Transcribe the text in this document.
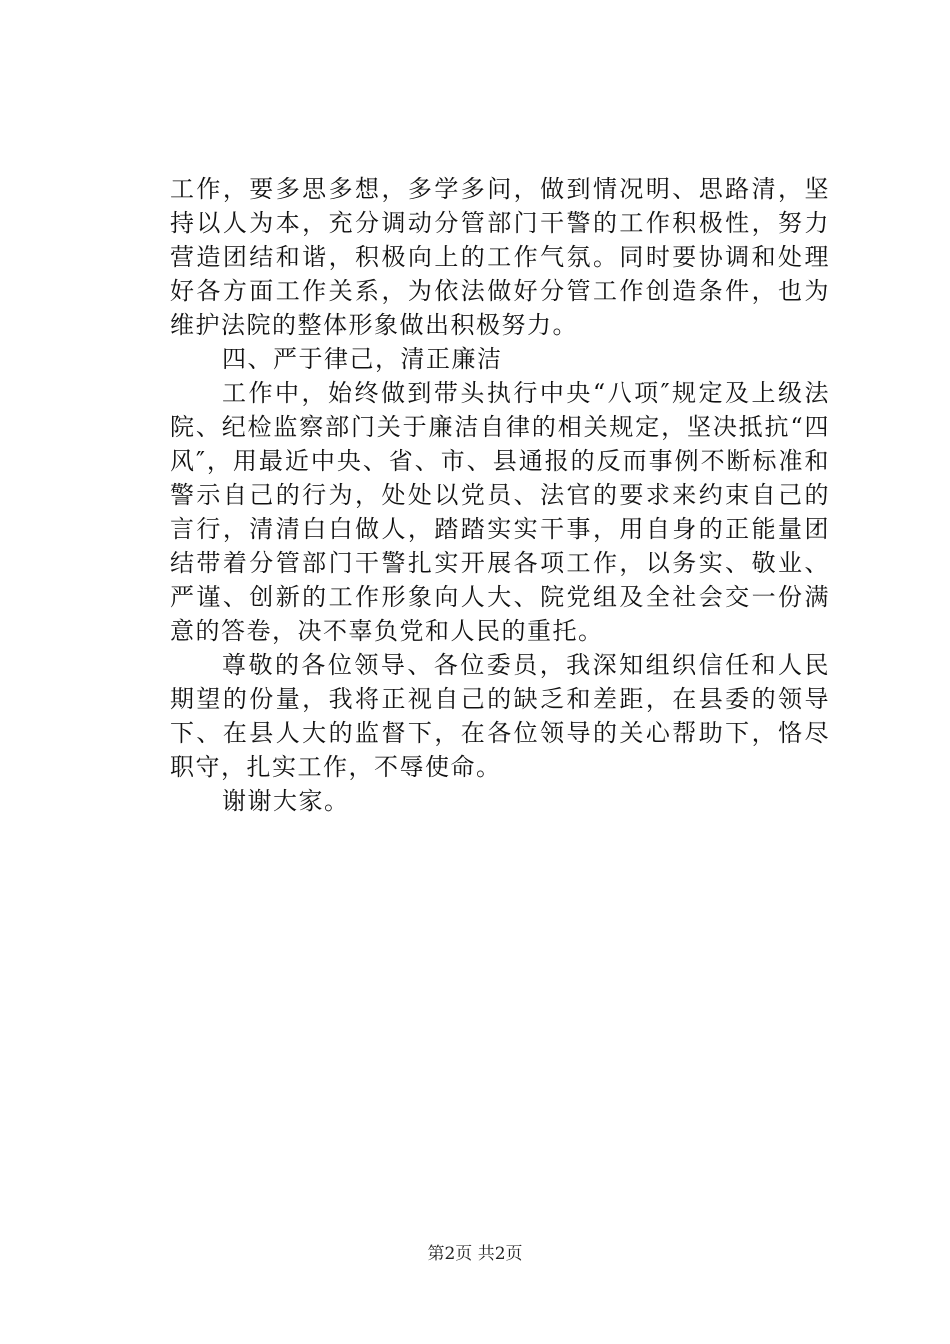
工作，要多思多想，多学多问，做到情况明、思路清，坚持以人为本，充分调动分管部门干警的工作积极性，努力营造团结和谐，积极向上的工作气氛。同时要协调和处理好各方面工作关系，为依法做好分管工作创造条件，也为维护法院的整体形象做出积极努力。

四、严于律己，清正廉洁

工作中，始终做到带头执行中央“八项″规定及上级法院、纪检监察部门关于廉洁自律的相关规定，坚决抵抗“四风″，用最近中央、省、市、县通报的反而事例不断标准和警示自己的行为，处处以党员、法官的要求来约束自己的言行，清清白白做人，踏踏实实干事，用自身的正能量团结带着分管部门干警扎实开展各项工作，以务实、敬业、严谨、创新的工作形象向人大、院党组及全社会交一份满意的答卷，决不辜负党和人民的重托。

尊敬的各位领导、各位委员，我深知组织信任和人民期望的份量，我将正视自己的缺乏和差距，在县委的领导下、在县人大的监督下，在各位领导的关心帮助下，恪尽职守，扎实工作，不辱使命。

谢谢大家。

第2页 共2页
